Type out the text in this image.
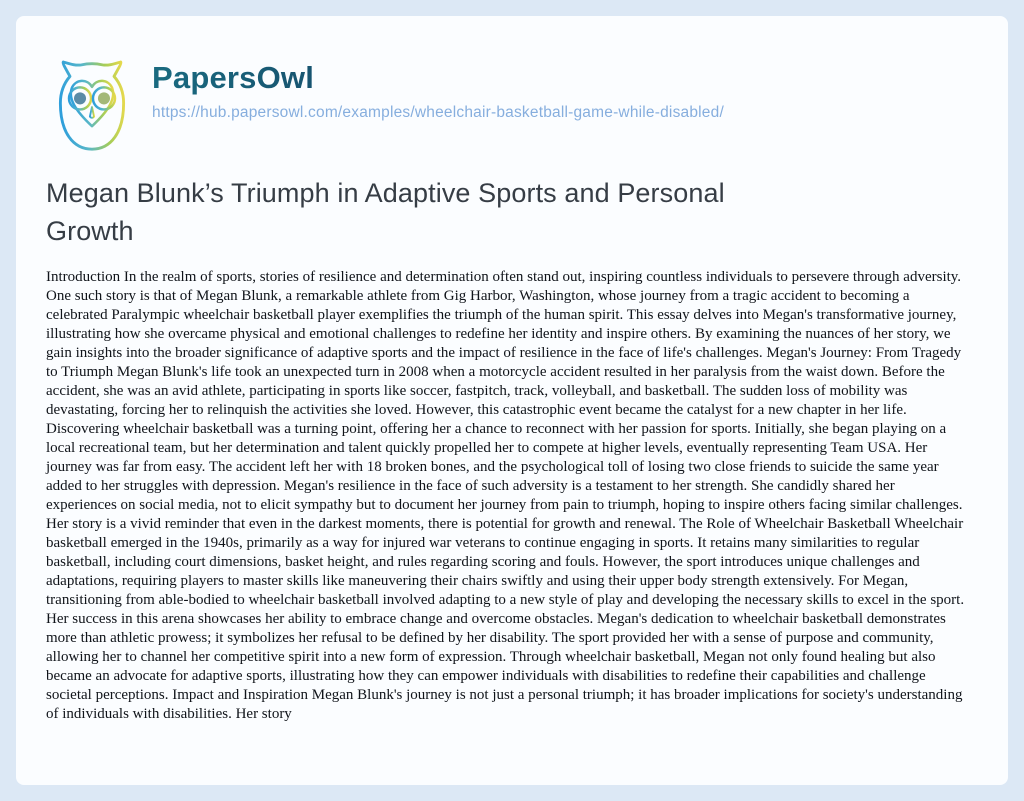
PapersOwl
https://hub.papersowl.com/examples/wheelchair-basketball-game-while-disabled/
Megan Blunk’s Triumph in Adaptive Sports and Personal Growth
Introduction In the realm of sports, stories of resilience and determination often stand out, inspiring countless individuals to persevere through adversity. One such story is that of Megan Blunk, a remarkable athlete from Gig Harbor, Washington, whose journey from a tragic accident to becoming a celebrated Paralympic wheelchair basketball player exemplifies the triumph of the human spirit. This essay delves into Megan's transformative journey, illustrating how she overcame physical and emotional challenges to redefine her identity and inspire others. By examining the nuances of her story, we gain insights into the broader significance of adaptive sports and the impact of resilience in the face of life's challenges. Megan's Journey: From Tragedy to Triumph Megan Blunk's life took an unexpected turn in 2008 when a motorcycle accident resulted in her paralysis from the waist down. Before the accident, she was an avid athlete, participating in sports like soccer, fastpitch, track, volleyball, and basketball. The sudden loss of mobility was devastating, forcing her to relinquish the activities she loved. However, this catastrophic event became the catalyst for a new chapter in her life. Discovering wheelchair basketball was a turning point, offering her a chance to reconnect with her passion for sports. Initially, she began playing on a local recreational team, but her determination and talent quickly propelled her to compete at higher levels, eventually representing Team USA. Her journey was far from easy. The accident left her with 18 broken bones, and the psychological toll of losing two close friends to suicide the same year added to her struggles with depression. Megan's resilience in the face of such adversity is a testament to her strength. She candidly shared her experiences on social media, not to elicit sympathy but to document her journey from pain to triumph, hoping to inspire others facing similar challenges. Her story is a vivid reminder that even in the darkest moments, there is potential for growth and renewal. The Role of Wheelchair Basketball Wheelchair basketball emerged in the 1940s, primarily as a way for injured war veterans to continue engaging in sports. It retains many similarities to regular basketball, including court dimensions, basket height, and rules regarding scoring and fouls. However, the sport introduces unique challenges and adaptations, requiring players to master skills like maneuvering their chairs swiftly and using their upper body strength extensively. For Megan, transitioning from able-bodied to wheelchair basketball involved adapting to a new style of play and developing the necessary skills to excel in the sport. Her success in this arena showcases her ability to embrace change and overcome obstacles. Megan's dedication to wheelchair basketball demonstrates more than athletic prowess; it symbolizes her refusal to be defined by her disability. The sport provided her with a sense of purpose and community, allowing her to channel her competitive spirit into a new form of expression. Through wheelchair basketball, Megan not only found healing but also became an advocate for adaptive sports, illustrating how they can empower individuals with disabilities to redefine their capabilities and challenge societal perceptions. Impact and Inspiration Megan Blunk's journey is not just a personal triumph; it has broader implications for society's understanding of individuals with disabilities. Her story
